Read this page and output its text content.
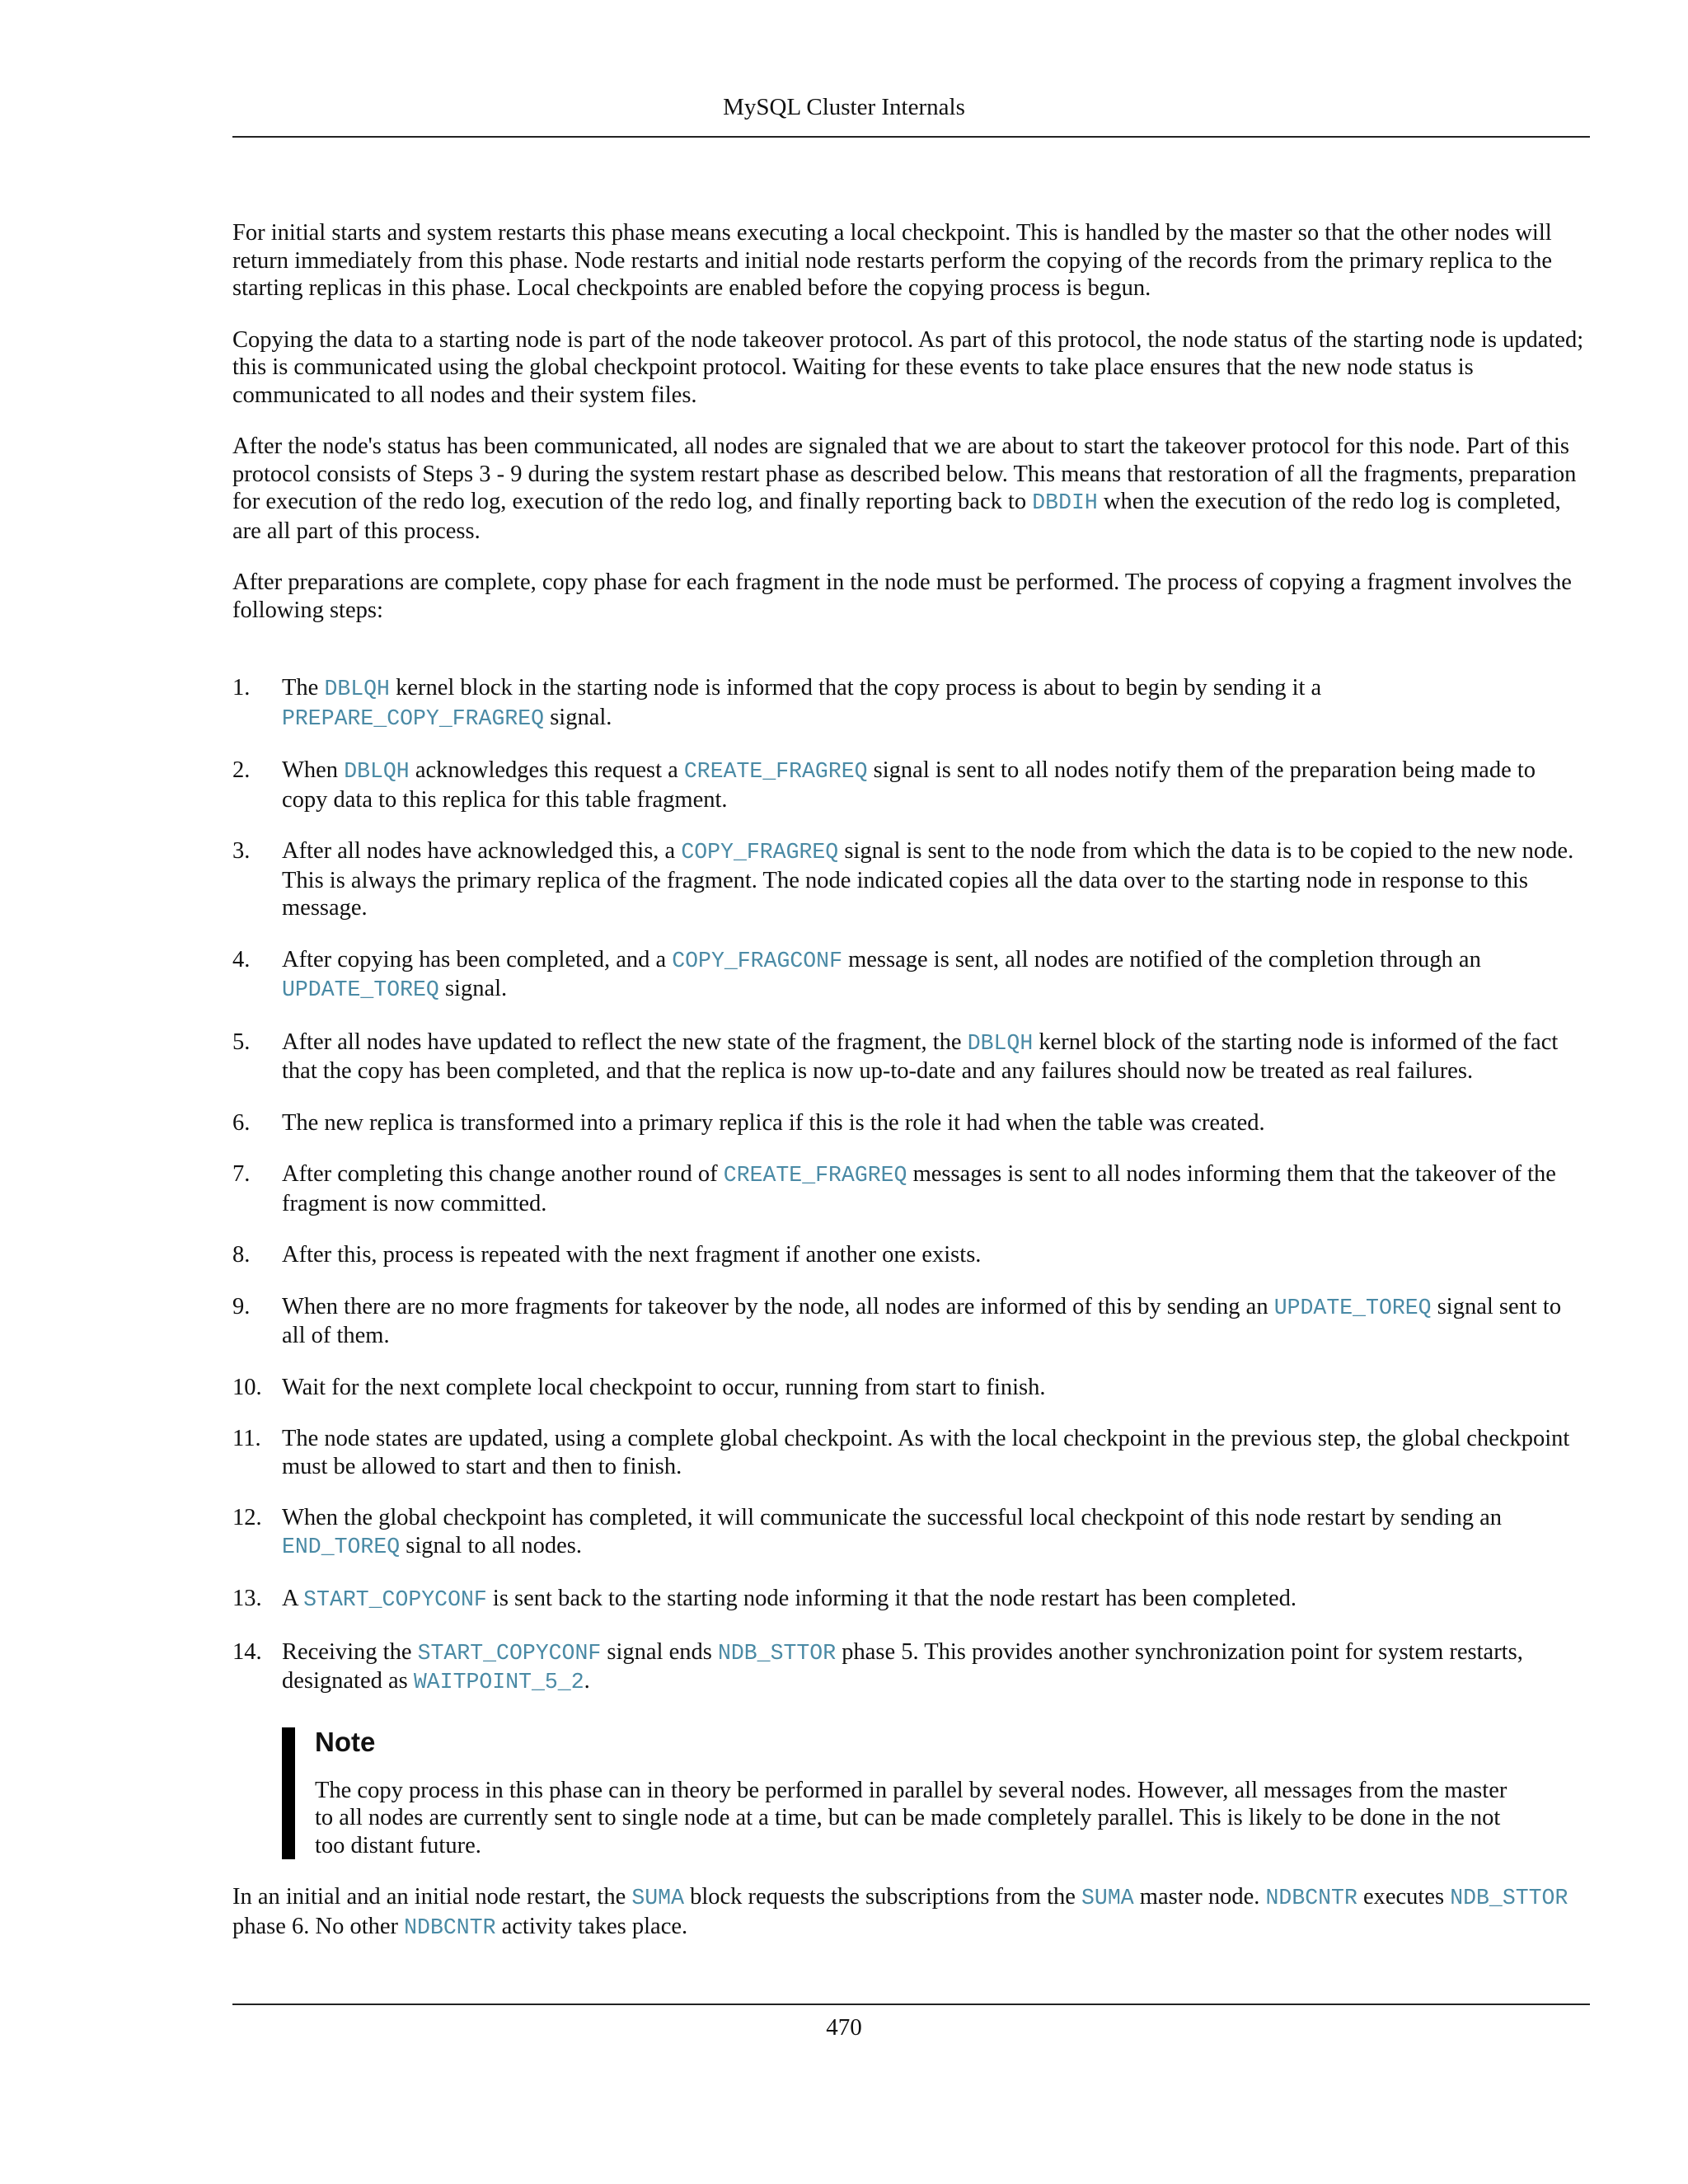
MySQL Cluster Internals

For initial starts and system restarts this phase means executing a local checkpoint. This is handled by the master so that the other nodes will return immediately from this phase. Node restarts and initial node restarts perform the copying of the records from the primary replica to the starting replicas in this phase. Local checkpoints are enabled before the copying process is begun.

Copying the data to a starting node is part of the node takeover protocol. As part of this protocol, the node status of the starting node is updated; this is communicated using the global checkpoint protocol. Waiting for these events to take place ensures that the new node status is communicated to all nodes and their system files.

After the node's status has been communicated, all nodes are signaled that we are about to start the takeover protocol for this node. Part of this protocol consists of Steps 3 - 9 during the system restart phase as described below. This means that restoration of all the fragments, preparation for execution of the redo log, execution of the redo log, and finally reporting back to DBDIH when the execution of the redo log is completed, are all part of this process.

After preparations are complete, copy phase for each fragment in the node must be performed. The process of copying a fragment involves the following steps:

1. The DBLQH kernel block in the starting node is informed that the copy process is about to begin by sending it a PREPARE_COPY_FRAGREQ signal.
2. When DBLQH acknowledges this request a CREATE_FRAGREQ signal is sent to all nodes notify them of the preparation being made to copy data to this replica for this table fragment.
3. After all nodes have acknowledged this, a COPY_FRAGREQ signal is sent to the node from which the data is to be copied to the new node. This is always the primary replica of the fragment. The node indicated copies all the data over to the starting node in response to this message.
4. After copying has been completed, and a COPY_FRAGCONF message is sent, all nodes are notified of the completion through an UPDATE_TOREQ signal.
5. After all nodes have updated to reflect the new state of the fragment, the DBLQH kernel block of the starting node is informed of the fact that the copy has been completed, and that the replica is now up-to-date and any failures should now be treated as real failures.
6. The new replica is transformed into a primary replica if this is the role it had when the table was created.
7. After completing this change another round of CREATE_FRAGREQ messages is sent to all nodes informing them that the takeover of the fragment is now committed.
8. After this, process is repeated with the next fragment if another one exists.
9. When there are no more fragments for takeover by the node, all nodes are informed of this by sending an UPDATE_TOREQ signal sent to all of them.
10. Wait for the next complete local checkpoint to occur, running from start to finish.
11. The node states are updated, using a complete global checkpoint. As with the local checkpoint in the previous step, the global checkpoint must be allowed to start and then to finish.
12. When the global checkpoint has completed, it will communicate the successful local checkpoint of this node restart by sending an END_TOREQ signal to all nodes.
13. A START_COPYCONF is sent back to the starting node informing it that the node restart has been completed.
14. Receiving the START_COPYCONF signal ends NDB_STTOR phase 5. This provides another synchronization point for system restarts, designated as WAITPOINT_5_2.
Note
The copy process in this phase can in theory be performed in parallel by several nodes. However, all messages from the master to all nodes are currently sent to single node at a time, but can be made completely parallel. This is likely to be done in the not too distant future.

In an initial and an initial node restart, the SUMA block requests the subscriptions from the SUMA master node. NDBCNTR executes NDB_STTOR phase 6. No other NDBCNTR activity takes place.

470
